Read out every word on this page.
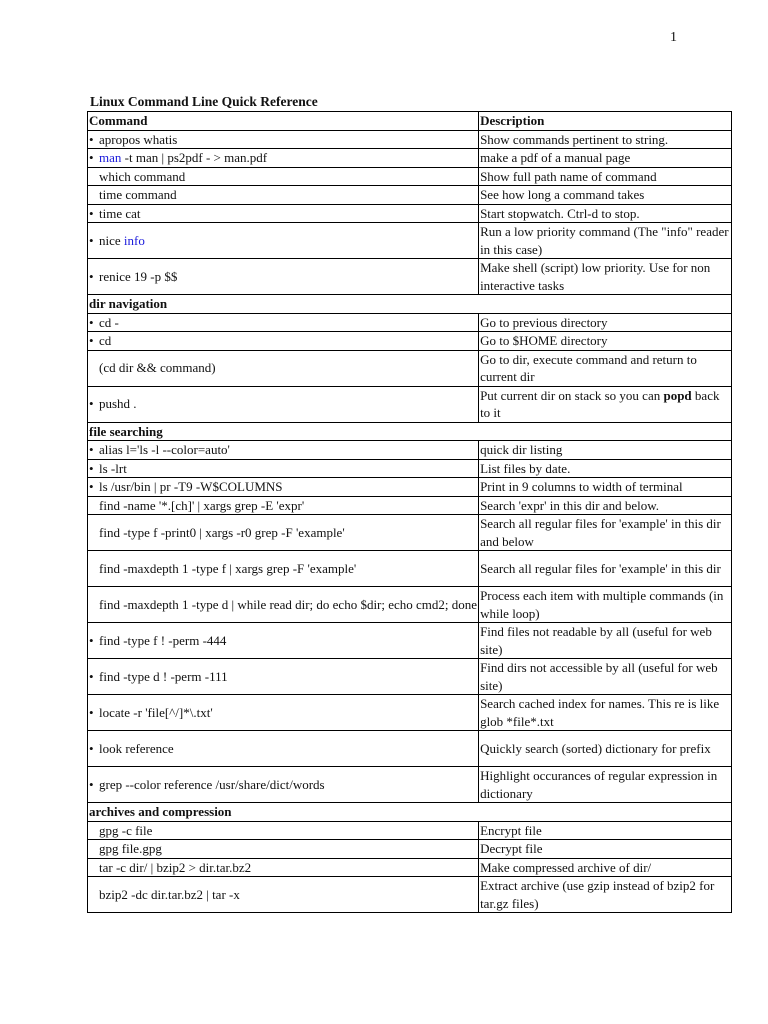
1
Linux Command Line Quick Reference
Command	Description
• apropos whatis	Show commands pertinent to string.
• man -t man | ps2pdf - > man.pdf	make a pdf of a manual page
which command	Show full path name of command
time command	See how long a command takes
• time cat	Start stopwatch. Ctrl-d to stop.
• nice info	Run a low priority command (The "info" reader in this case)
• renice 19 -p $$	Make shell (script) low priority. Use for non interactive tasks
dir navigation	
• cd -	Go to previous directory
• cd	Go to $HOME directory
(cd dir && command)	Go to dir, execute command and return to current dir
• pushd .	Put current dir on stack so you can popd back to it
file searching	
• alias l='ls -l --color=auto'	quick dir listing
• ls -lrt	List files by date.
• ls /usr/bin | pr -T9 -W$COLUMNS	Print in 9 columns to width of terminal
find -name '*.[ch]' | xargs grep -E 'expr'	Search 'expr' in this dir and below.
find -type f -print0 | xargs -r0 grep -F 'example'	Search all regular files for 'example' in this dir and below
find -maxdepth 1 -type f | xargs grep -F 'example'	Search all regular files for 'example' in this dir
find -maxdepth 1 -type d | while read dir; do echo $dir; echo cmd2; done	Process each item with multiple commands (in while loop)
• find -type f ! -perm -444	Find files not readable by all (useful for web site)
• find -type d ! -perm -111	Find dirs not accessible by all (useful for web site)
• locate -r 'file[^/]*\.txt'	Search cached index for names. This re is like glob *file*.txt
• look reference	Quickly search (sorted) dictionary for prefix
• grep --color reference /usr/share/dict/words	Highlight occurances of regular expression in dictionary
archives and compression	
gpg -c file	Encrypt file
gpg file.gpg	Decrypt file
tar -c dir/ | bzip2 > dir.tar.bz2	Make compressed archive of dir/
bzip2 -dc dir.tar.bz2 | tar -x	Extract archive (use gzip instead of bzip2 for tar.gz files)
